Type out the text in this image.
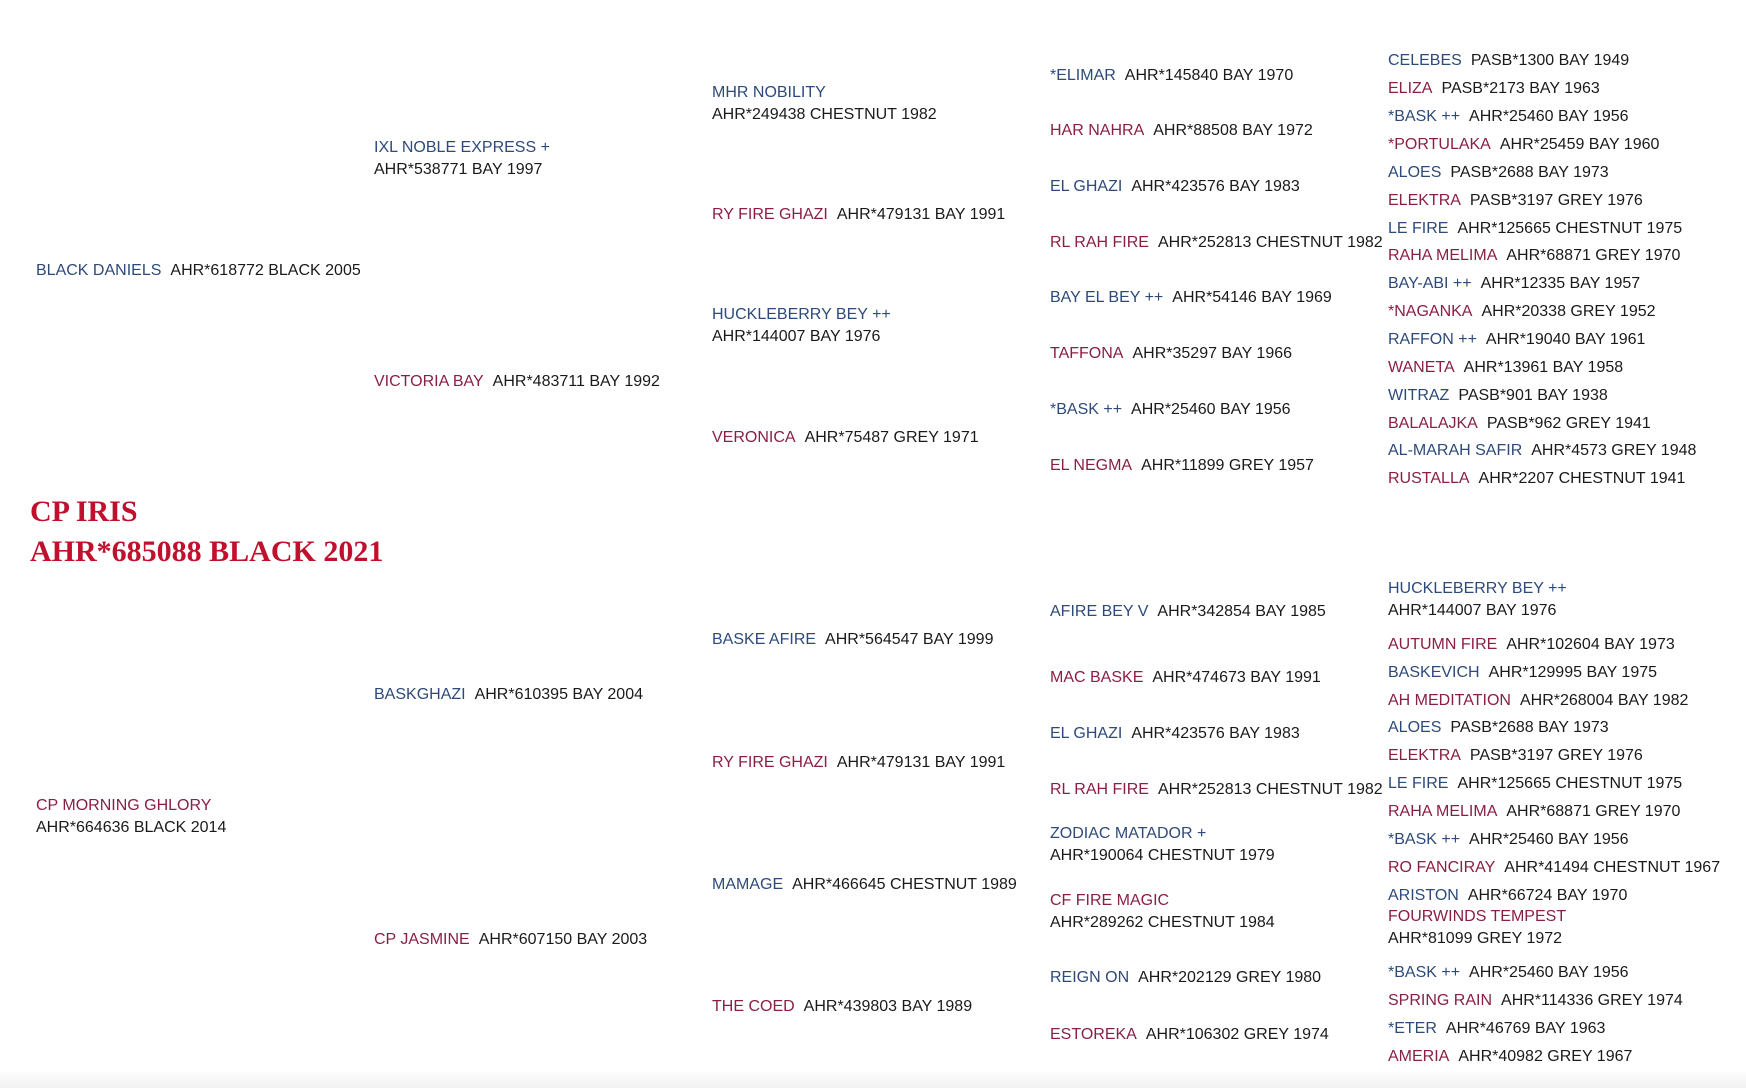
CP IRIS
AHR*685088 BLACK 2021
BLACK DANIELS AHR*618772 BLACK 2005
IXL NOBLE EXPRESS +
AHR*538771 BAY 1997
VICTORIA BAY AHR*483711 BAY 1992
MHR NOBILITY
AHR*249438 CHESTNUT 1982
RY FIRE GHAZI AHR*479131 BAY 1991
HUCKLEBERRY BEY ++
AHR*144007 BAY 1976
VERONICA AHR*75487 GREY 1971
*ELIMAR AHR*145840 BAY 1970
HAR NAHRA AHR*88508 BAY 1972
EL GHAZI AHR*423576 BAY 1983
RL RAH FIRE AHR*252813 CHESTNUT 1982
BAY EL BEY ++ AHR*54146 BAY 1969
TAFFONA AHR*35297 BAY 1966
*BASK ++ AHR*25460 BAY 1956
EL NEGMA AHR*11899 GREY 1957
CP MORNING GHLORY
AHR*664636 BLACK 2014
BASKGHAZI AHR*610395 BAY 2004
CP JASMINE AHR*607150 BAY 2003
BASKE AFIRE AHR*564547 BAY 1999
RY FIRE GHAZI AHR*479131 BAY 1991
MAMAGE AHR*466645 CHESTNUT 1989
THE COED AHR*439803 BAY 1989
AFIRE BEY V AHR*342854 BAY 1985
MAC BASKE AHR*474673 BAY 1991
EL GHAZI AHR*423576 BAY 1983
RL RAH FIRE AHR*252813 CHESTNUT 1982
ZODIAC MATADOR +
AHR*190064 CHESTNUT 1979
CF FIRE MAGIC
AHR*289262 CHESTNUT 1984
REIGN ON AHR*202129 GREY 1980
ESTOREKA AHR*106302 GREY 1974
CELEBES PASB*1300 BAY 1949
ELIZA PASB*2173 BAY 1963
*BASK ++ AHR*25460 BAY 1956
*PORTULAKA AHR*25459 BAY 1960
ALOES PASB*2688 BAY 1973
ELEKTRA PASB*3197 GREY 1976
LE FIRE AHR*125665 CHESTNUT 1975
RAHA MELIMA AHR*68871 GREY 1970
BAY-ABI ++ AHR*12335 BAY 1957
*NAGANKA AHR*20338 GREY 1952
RAFFON ++ AHR*19040 BAY 1961
WANETA AHR*13961 BAY 1958
WITRAZ PASB*901 BAY 1938
BALALAJKA PASB*962 GREY 1941
AL-MARAH SAFIR AHR*4573 GREY 1948
RUSTALLA AHR*2207 CHESTNUT 1941
HUCKLEBERRY BEY ++
AHR*144007 BAY 1976
AUTUMN FIRE AHR*102604 BAY 1973
BASKEVICH AHR*129995 BAY 1975
AH MEDITATION AHR*268004 BAY 1982
ALOES PASB*2688 BAY 1973
ELEKTRA PASB*3197 GREY 1976
LE FIRE AHR*125665 CHESTNUT 1975
RAHA MELIMA AHR*68871 GREY 1970
*BASK ++ AHR*25460 BAY 1956
RO FANCIRAY AHR*41494 CHESTNUT 1967
ARISTON AHR*66724 BAY 1970
FOURWINDS TEMPEST
AHR*81099 GREY 1972
*BASK ++ AHR*25460 BAY 1956
SPRING RAIN AHR*114336 GREY 1974
*ETER AHR*46769 BAY 1963
AMERIA AHR*40982 GREY 1967
